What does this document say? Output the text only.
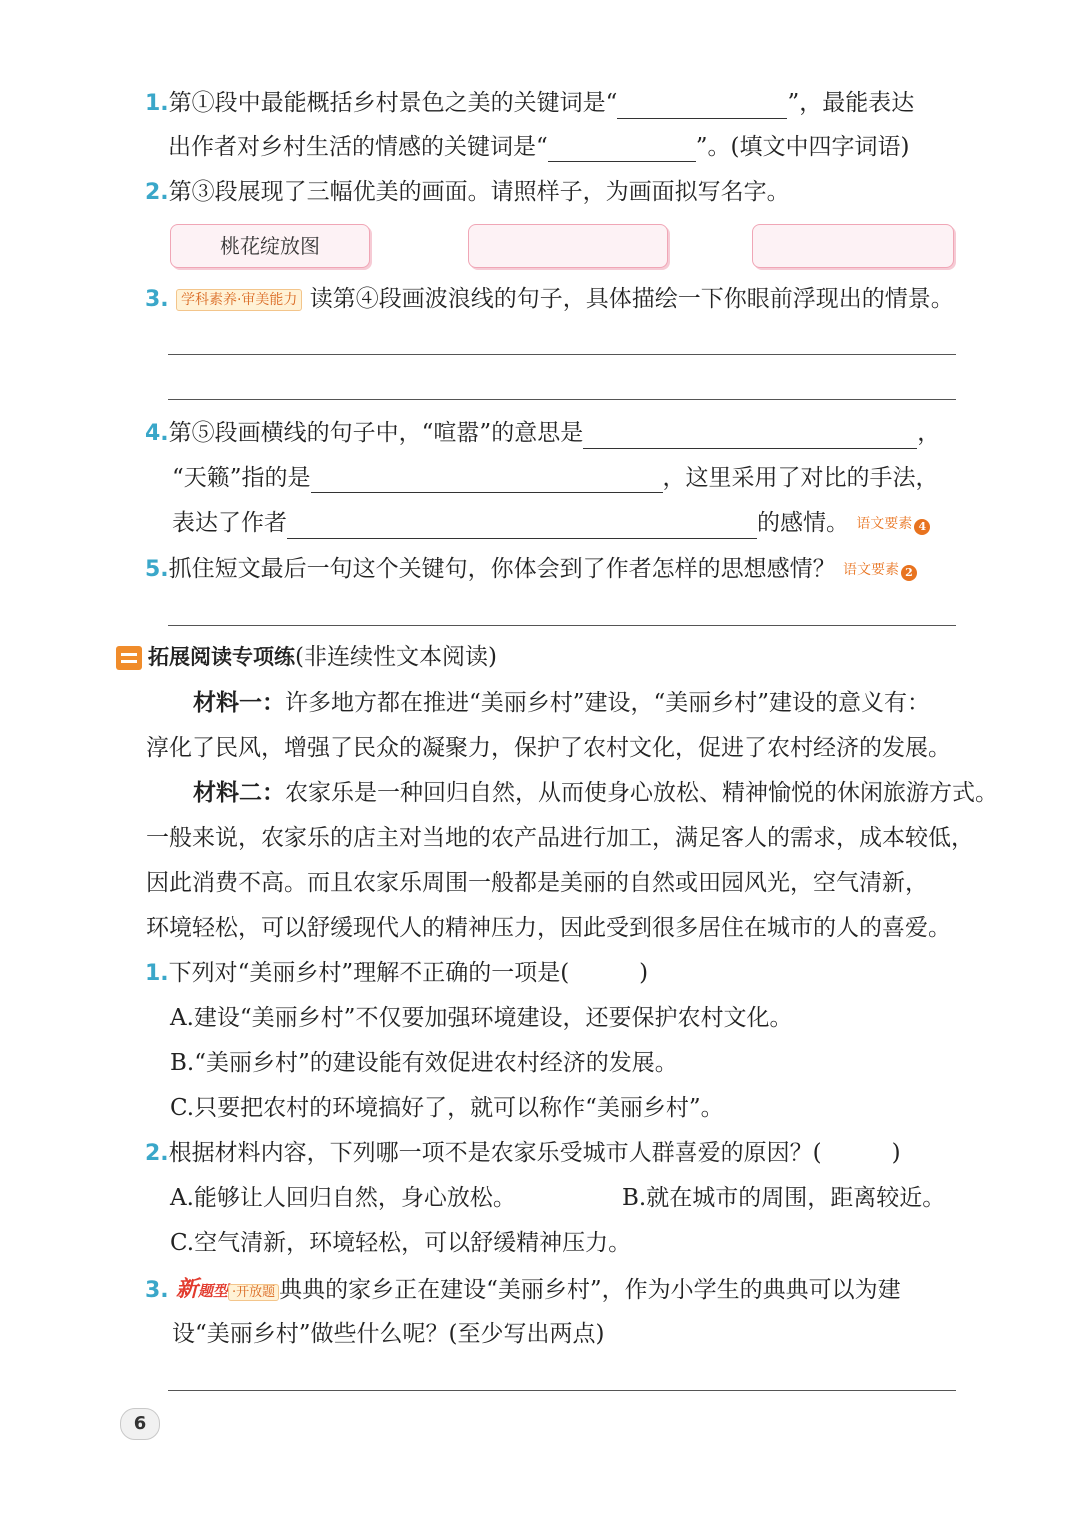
1.第①段中最能概括乡村景色之美的关键词是“	”，最能表达
出作者对乡村生活的情感的关键词是“	”。(填文中四字词语)
2.第③段展现了三幅优美的画面。请照样子，为画面拟写名字。
桃花绽放图
3. 学科素养·审美能力 读第④段画波浪线的句子，具体描绘一下你眼前浮现出的情景。
4.第⑤段画横线的句子中，“喧嚣”的意思是	，
“天籁”指的是	，这里采用了对比的手法，
表达了作者	的感情。 语文要素 4
5.抓住短文最后一句这个关键句，你体会到了作者怎样的思想感情？ 语文要素 2
拓展阅读专项练(非连续性文本阅读)
材料一：许多地方都在推进“美丽乡村”建设，“美丽乡村”建设的意义有：
淳化了民风，增强了民众的凝聚力，保护了农村文化，促进了农村经济的发展。
材料二：农家乐是一种回归自然，从而使身心放松、精神愉悦的休闲旅游方式。
一般来说，农家乐的店主对当地的农产品进行加工，满足客人的需求，成本较低，
因此消费不高。而且农家乐周围一般都是美丽的自然或田园风光，空气清新，
环境轻松，可以舒缓现代人的精神压力，因此受到很多居住在城市的人的喜爱。
1.下列对“美丽乡村”理解不正确的一项是(	)
A.建设“美丽乡村”不仅要加强环境建设，还要保护农村文化。
B.“美丽乡村”的建设能有效促进农村经济的发展。
C.只要把农村的环境搞好了，就可以称作“美丽乡村”。
2.根据材料内容，下列哪一项不是农家乐受城市人群喜爱的原因？(	)
A.能够让人回归自然，身心放松。	B.就在城市的周围，距离较近。
C.空气清新，环境轻松，可以舒缓精神压力。
3. 新题型 ·开放题 典典的家乡正在建设“美丽乡村”，作为小学生的典典可以为建
设“美丽乡村”做些什么呢？(至少写出两点)
6
